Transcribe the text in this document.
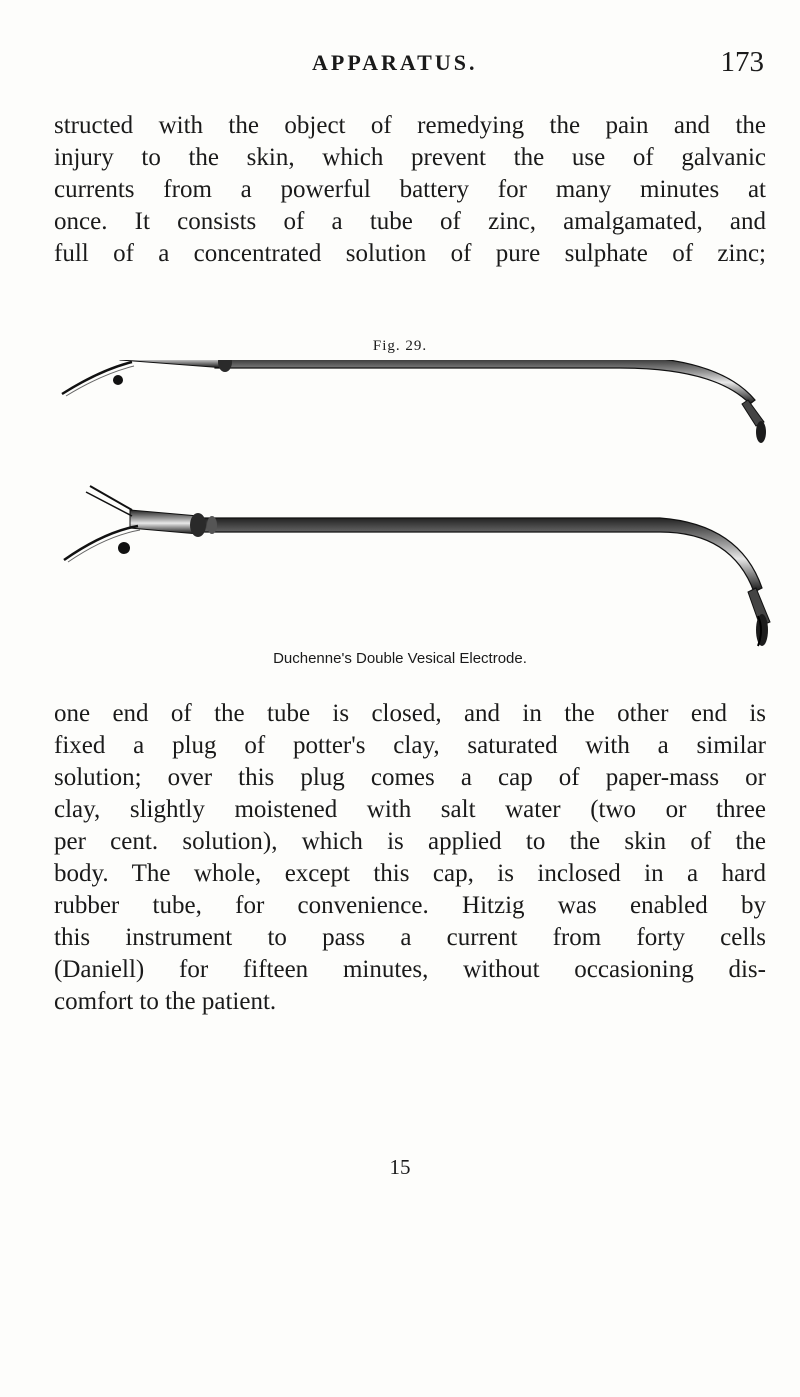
APPARATUS.	173

structed with the object of remedying the pain and the
injury to the skin, which prevent the use of galvanic
currents from a powerful battery for many minutes at
once. It consists of a tube of zinc, amalgamated, and
full of a concentrated solution of pure sulphate of zinc;

Fig. 29.
Duchenne's Double Vesical Electrode.

one end of the tube is closed, and in the other end is
fixed a plug of potter's clay, saturated with a similar
solution; over this plug comes a cap of paper-mass or
clay, slightly moistened with salt water (two or three
per cent. solution), which is applied to the skin of the
body. The whole, except this cap, is inclosed in a hard
rubber tube, for convenience. Hitzig was enabled by
this instrument to pass a current from forty cells
(Daniell) for fifteen minutes, without occasioning dis-
comfort to the patient.

15
